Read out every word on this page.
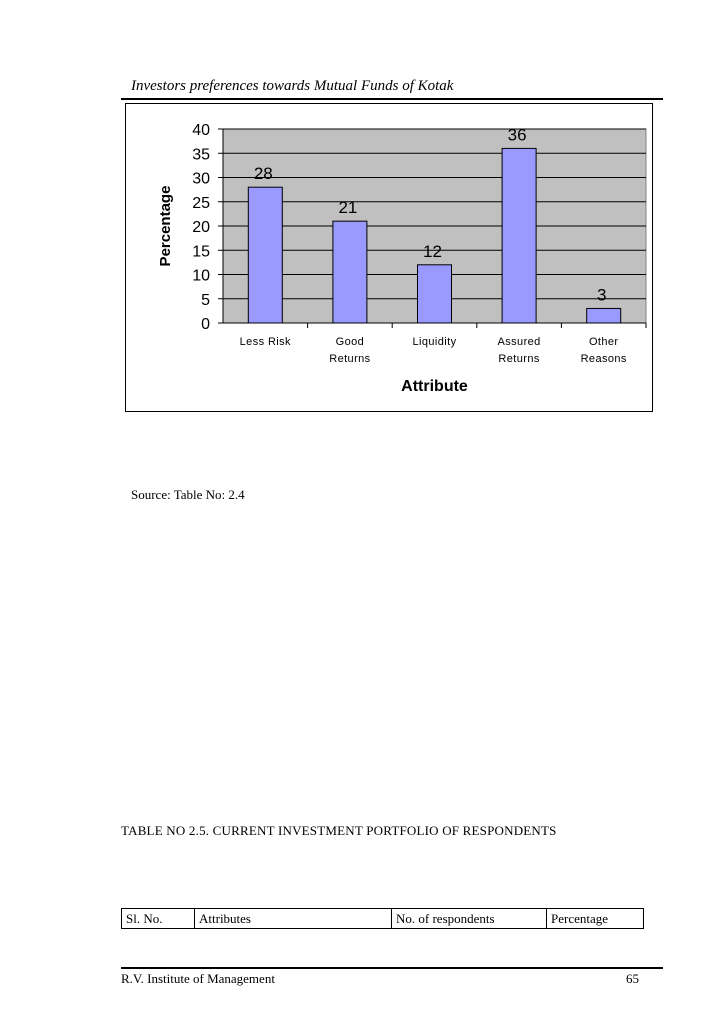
Investors preferences towards Mutual Funds of Kotak
0
5
10
15
20
25
30
35
40
Percentage
28
Less Risk
21
Good
Returns
12
Liquidity
36
Assured
Returns
3
Other
Reasons
Attribute
Source: Table No: 2.4
TABLE NO 2.5. CURRENT INVESTMENT PORTFOLIO OF RESPONDENTS
Sl. No.	Attributes	No. of respondents	Percentage
R.V. Institute of Management	65
